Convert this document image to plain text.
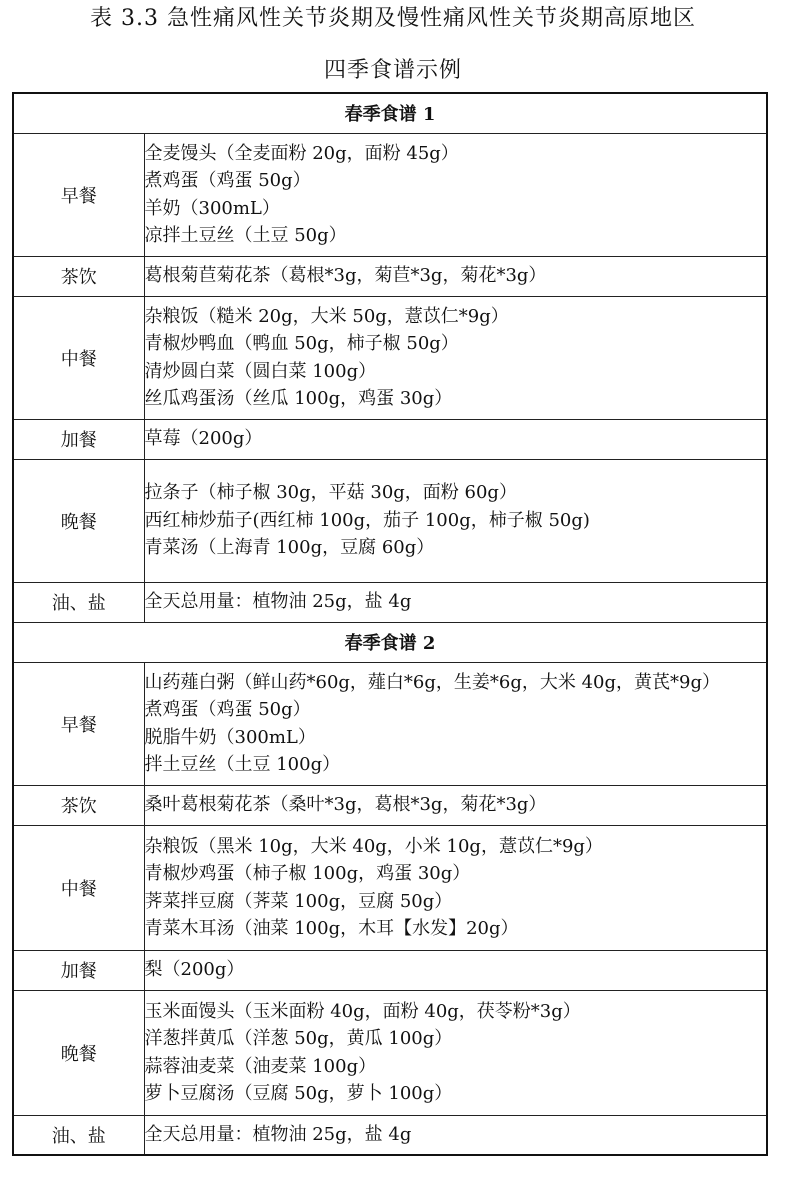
表 3.3 急性痛风性关节炎期及慢性痛风性关节炎期高原地区
四季食谱示例
春季食谱 1	
早餐	全麦馒头（全麦面粉 20g，面粉 45g）
煮鸡蛋（鸡蛋 50g）
羊奶（300mL）
凉拌土豆丝（土豆 50g）

茶饮	葛根菊苣菊花茶（葛根*3g，菊苣*3g，菊花*3g）

中餐	杂粮饭（糙米 20g，大米 50g，薏苡仁*9g）
青椒炒鸭血（鸭血 50g，柿子椒 50g）
清炒圆白菜（圆白菜 100g）
丝瓜鸡蛋汤（丝瓜 100g，鸡蛋 30g）

加餐	草莓（200g）

晚餐	拉条子（柿子椒 30g，平菇 30g，面粉 60g）
西红柿炒茄子(西红柿 100g，茄子 100g，柿子椒 50g)
青菜汤（上海青 100g，豆腐 60g）

油、盐	全天总用量：植物油 25g，盐 4g

春季食谱 2	
早餐	山药薤白粥（鲜山药*60g，薤白*6g，生姜*6g，大米 40g，黄芪*9g）
煮鸡蛋（鸡蛋 50g）
脱脂牛奶（300mL）
拌土豆丝（土豆 100g）

茶饮	桑叶葛根菊花茶（桑叶*3g，葛根*3g，菊花*3g）

中餐	杂粮饭（黑米 10g，大米 40g，小米 10g，薏苡仁*9g）
青椒炒鸡蛋（柿子椒 100g，鸡蛋 30g）
荠菜拌豆腐（荠菜 100g，豆腐 50g）
青菜木耳汤（油菜 100g，木耳【水发】20g）

加餐	梨（200g）

晚餐	玉米面馒头（玉米面粉 40g，面粉 40g，茯苓粉*3g）
洋葱拌黄瓜（洋葱 50g，黄瓜 100g）
蒜蓉油麦菜（油麦菜 100g）
萝卜豆腐汤（豆腐 50g，萝卜 100g）

油、盐	全天总用量：植物油 25g，盐 4g
